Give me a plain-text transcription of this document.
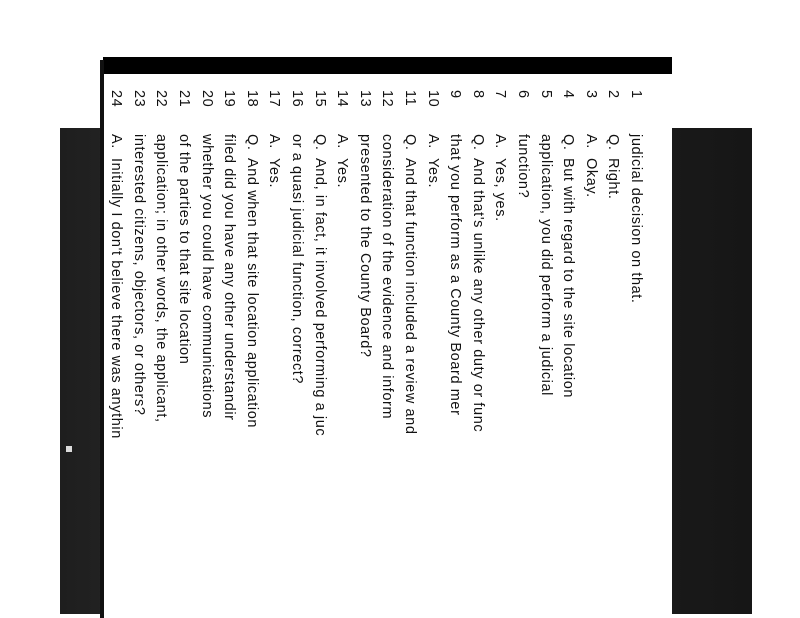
1
judicial decision on that.
2
Q.
Right.
3
A.
Okay.
4
Q.
But with regard to the site location
5
application, you did perform a judicial
6
function?
7
A.
Yes, yes.
8
Q.
And that's unlike any other duty or func
9
that you perform as a County Board mer
10
A.
Yes.
11
Q.
And that function included a review and
12
consideration of the evidence and inform
13
presented to the County Board?
14
A.
Yes.
15
Q.
And, in fact, it involved performing a juc
16
or a quasi judicial function, correct?
17
A.
Yes.
18
Q.
And when that site location application
19
filed did you have any other understandir
20
whether you could have communications
21
of the parties to that site location
22
application; in other words, the applicant,
23
interested citizens, objectors, or others?
24
A.
Initially I don't believe there was anythin
